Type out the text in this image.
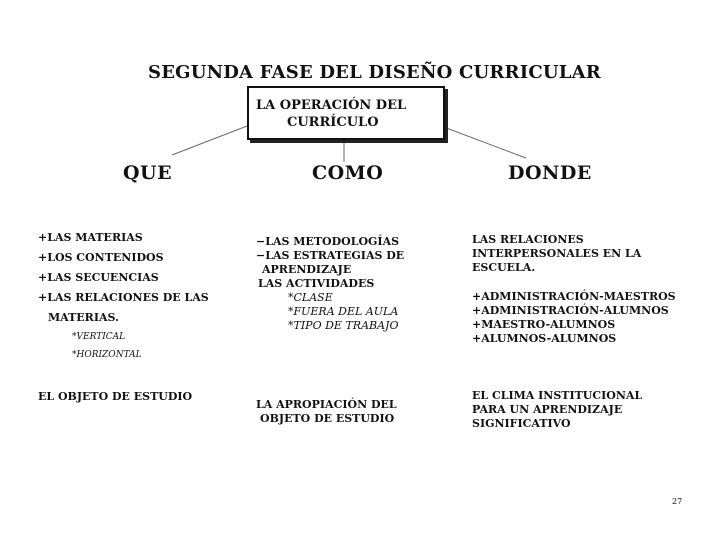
SEGUNDA FASE DEL DISEÑO CURRICULAR
LA OPERACIÓN DEL
CURRÍCULO
QUE	COMO	DONDE
+LAS MATERIAS
+LOS CONTENIDOS
+LAS SECUENCIAS
+LAS RELACIONES DE LAS
MATERIAS.
*VERTICAL
*HORIZONTAL
EL OBJETO DE ESTUDIO
−LAS METODOLOGÍAS
−LAS ESTRATEGIAS DE
APRENDIZAJE
LAS ACTIVIDADES
*CLASE
*FUERA DEL AULA
*TIPO DE TRABAJO
LA APROPIACIÓN DEL
OBJETO DE ESTUDIO
LAS RELACIONES
INTERPERSONALES EN LA
ESCUELA.
+ADMINISTRACIÓN-MAESTROS
+ADMINISTRACIÓN-ALUMNOS
+MAESTRO-ALUMNOS
+ALUMNOS-ALUMNOS
EL CLIMA INSTITUCIONAL
PARA UN APRENDIZAJE
SIGNIFICATIVO
27
